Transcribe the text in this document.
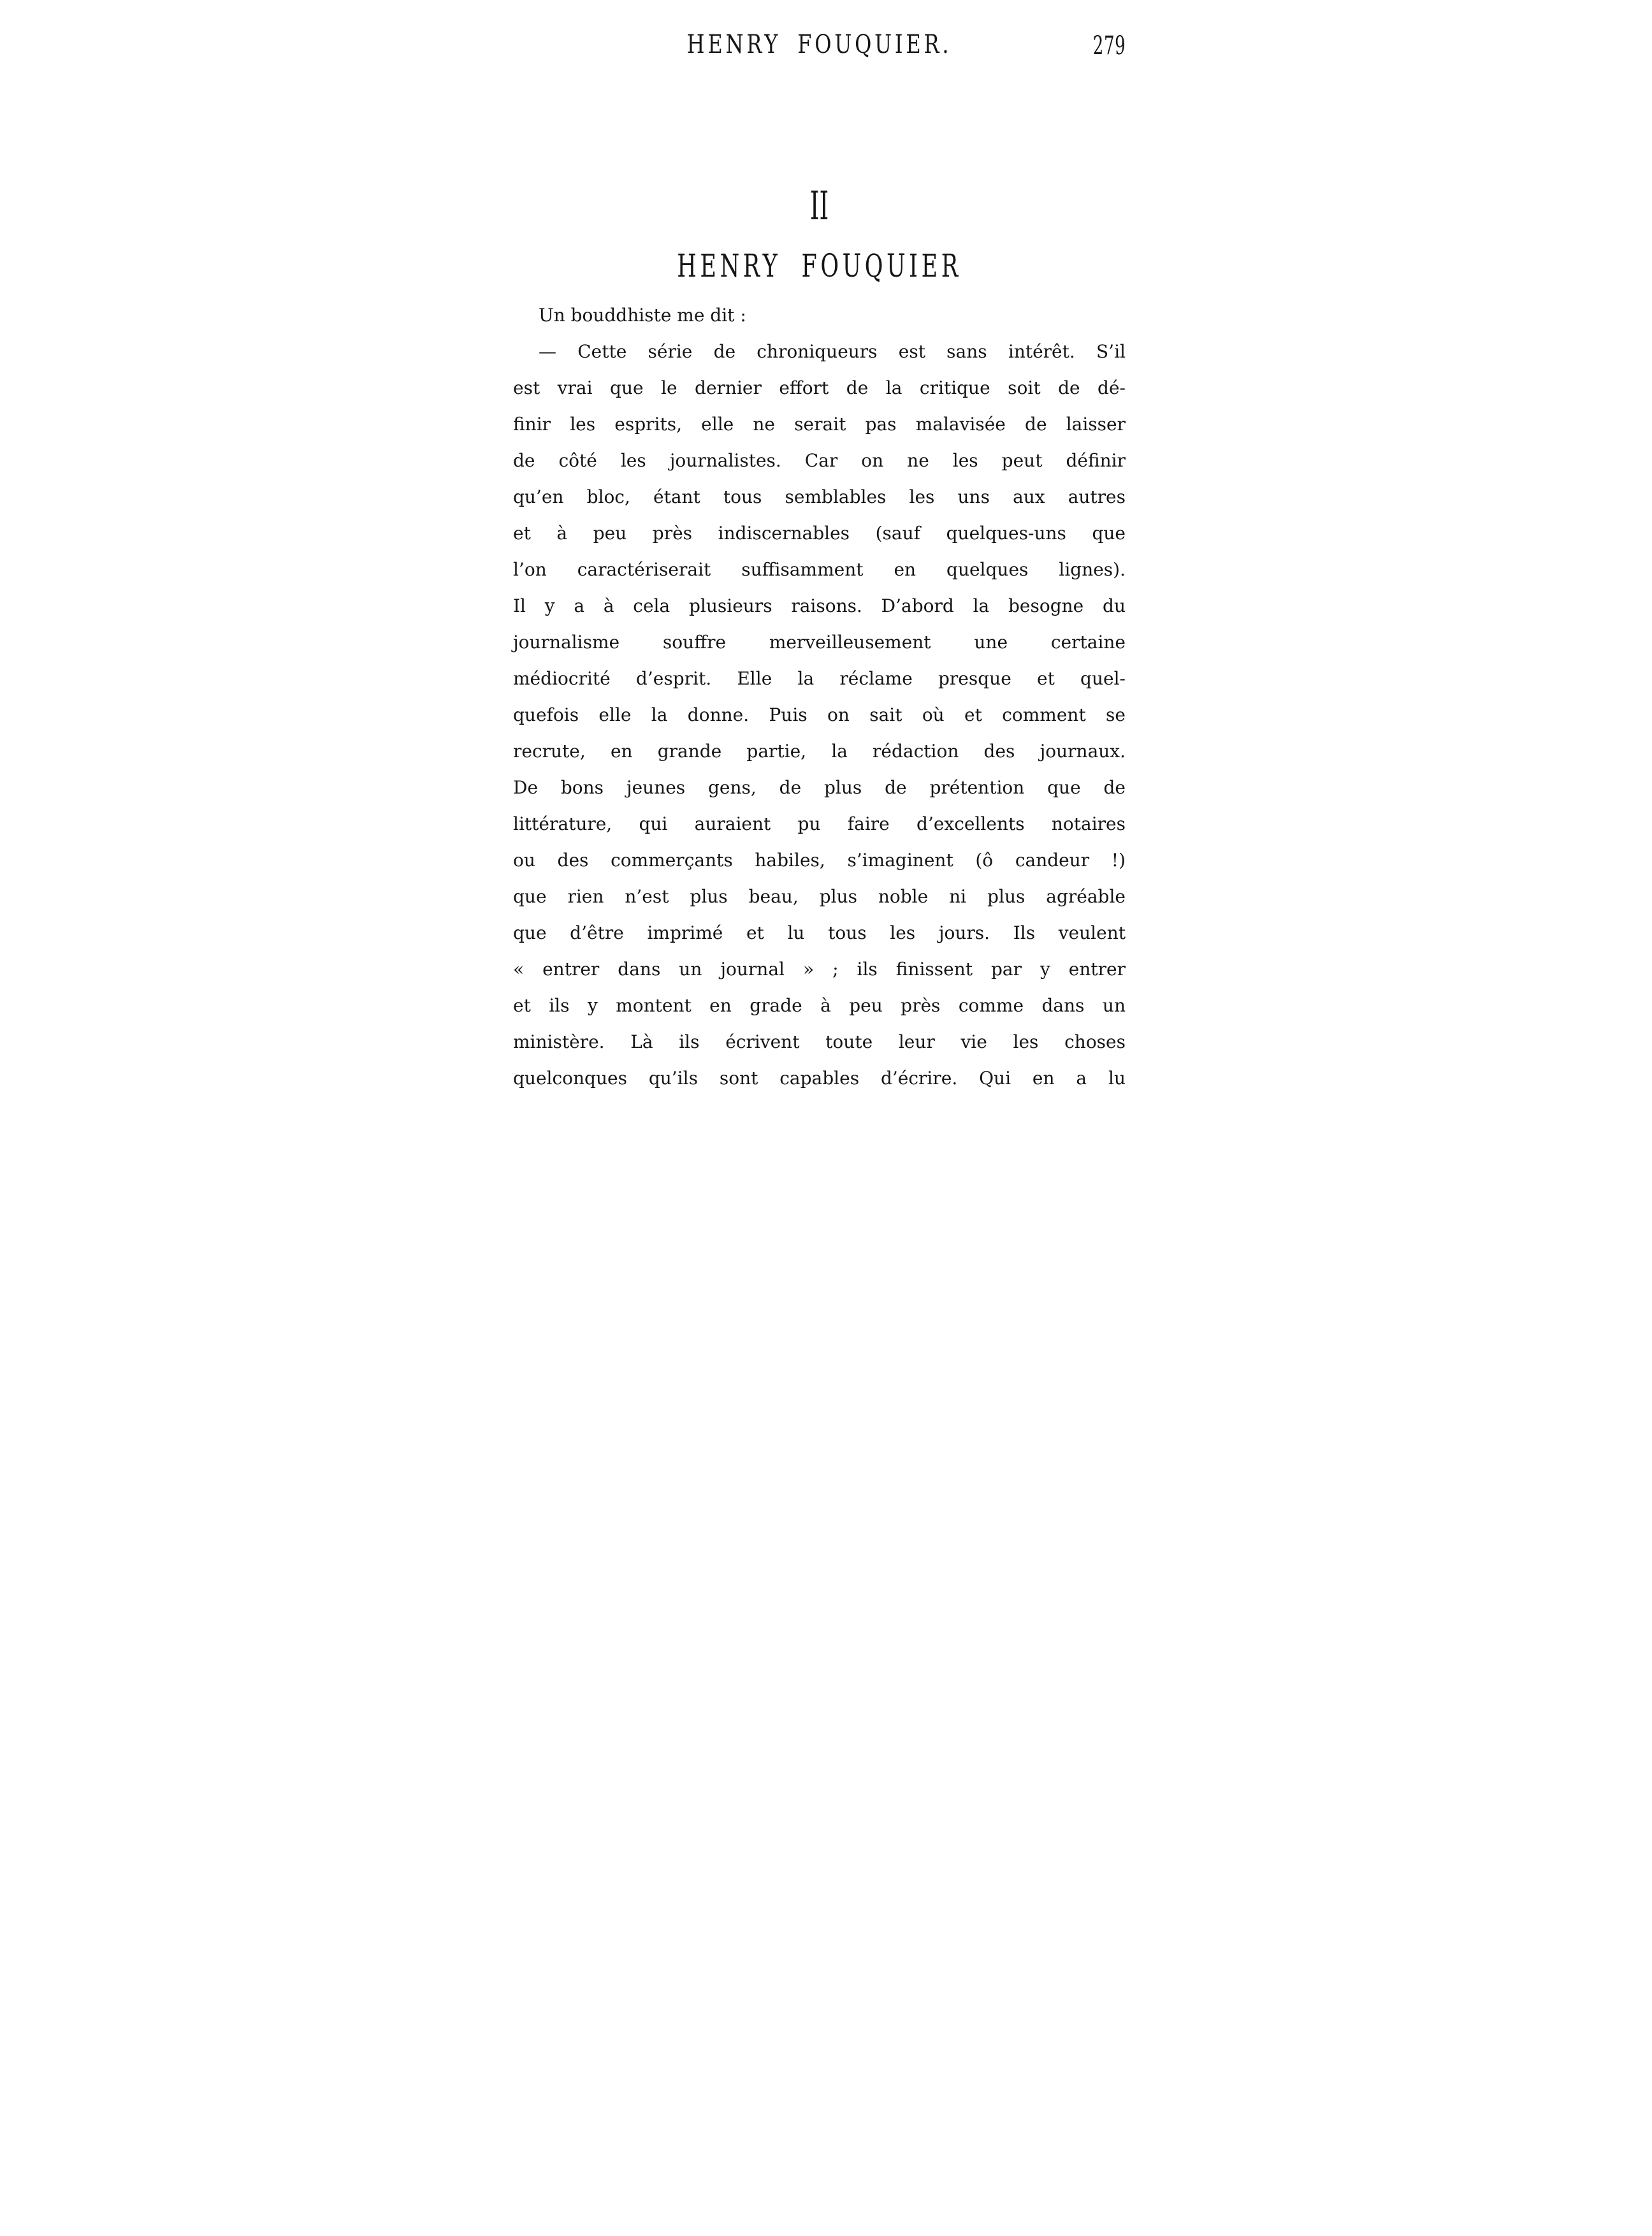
HENRY FOUQUIER.	279
II
HENRY FOUQUIER
Un bouddhiste me dit :
— Cette série de chroniqueurs est sans intérêt. S’il
est vrai que le dernier effort de la critique soit de dé-
finir les esprits, elle ne serait pas malavisée de laisser
de côté les journalistes. Car on ne les peut définir
qu’en bloc, étant tous semblables les uns aux autres
et à peu près indiscernables (sauf quelques-uns que
l’on caractériserait suffisamment en quelques lignes).
Il y a à cela plusieurs raisons. D’abord la besogne du
journalisme souffre merveilleusement une certaine
médiocrité d’esprit. Elle la réclame presque et quel-
quefois elle la donne. Puis on sait où et comment se
recrute, en grande partie, la rédaction des journaux.
De bons jeunes gens, de plus de prétention que de
littérature, qui auraient pu faire d’excellents notaires
ou des commerçants habiles, s’imaginent (ô candeur !)
que rien n’est plus beau, plus noble ni plus agréable
que d’être imprimé et lu tous les jours. Ils veulent
« entrer dans un journal » ; ils finissent par y entrer
et ils y montent en grade à peu près comme dans un
ministère. Là ils écrivent toute leur vie les choses
quelconques qu’ils sont capables d’écrire. Qui en a lu
